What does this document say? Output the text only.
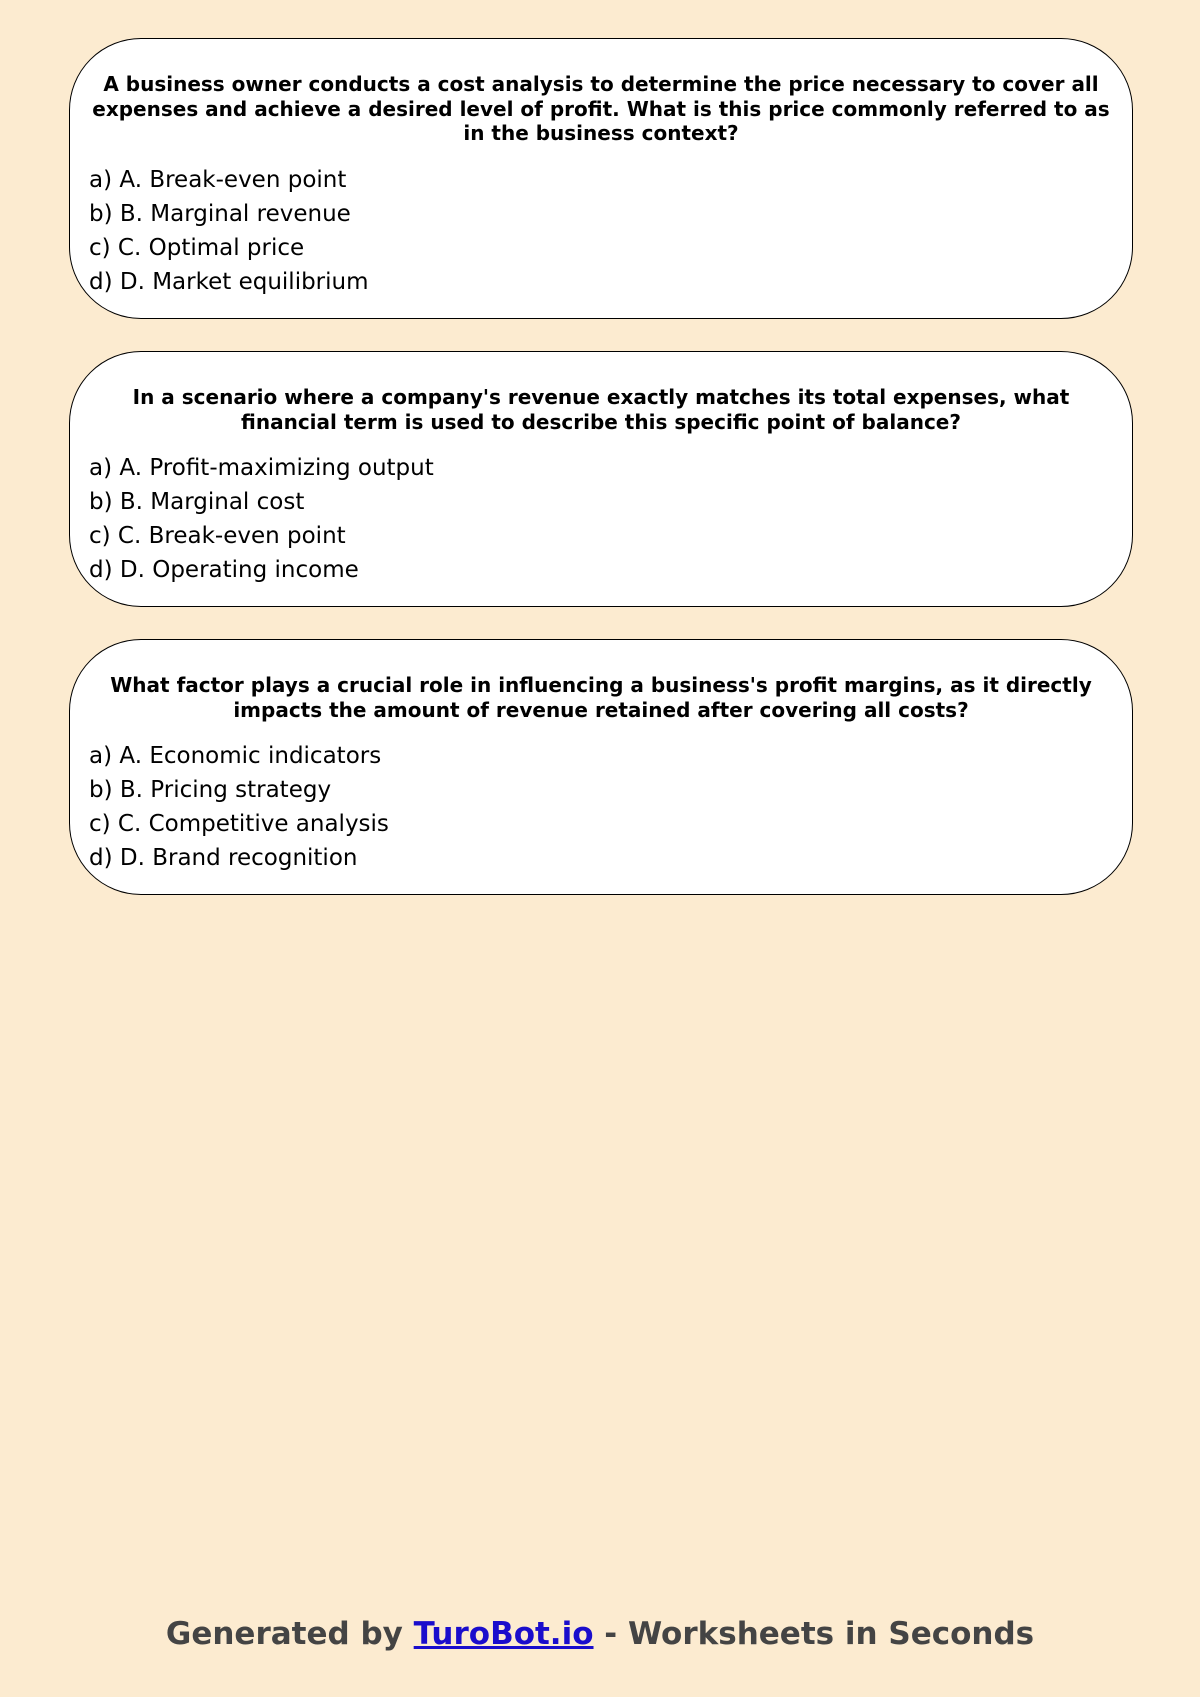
A business owner conducts a cost analysis to determine the price necessary to cover all expenses and achieve a desired level of profit. What is this price commonly referred to as in the business context?
a) A. Break-even point
b) B. Marginal revenue
c) C. Optimal price
d) D. Market equilibrium
In a scenario where a company's revenue exactly matches its total expenses, what financial term is used to describe this specific point of balance?
a) A. Profit-maximizing output
b) B. Marginal cost
c) C. Break-even point
d) D. Operating income
What factor plays a crucial role in influencing a business's profit margins, as it directly impacts the amount of revenue retained after covering all costs?
a) A. Economic indicators
b) B. Pricing strategy
c) C. Competitive analysis
d) D. Brand recognition
Generated by TuroBot.io - Worksheets in Seconds
